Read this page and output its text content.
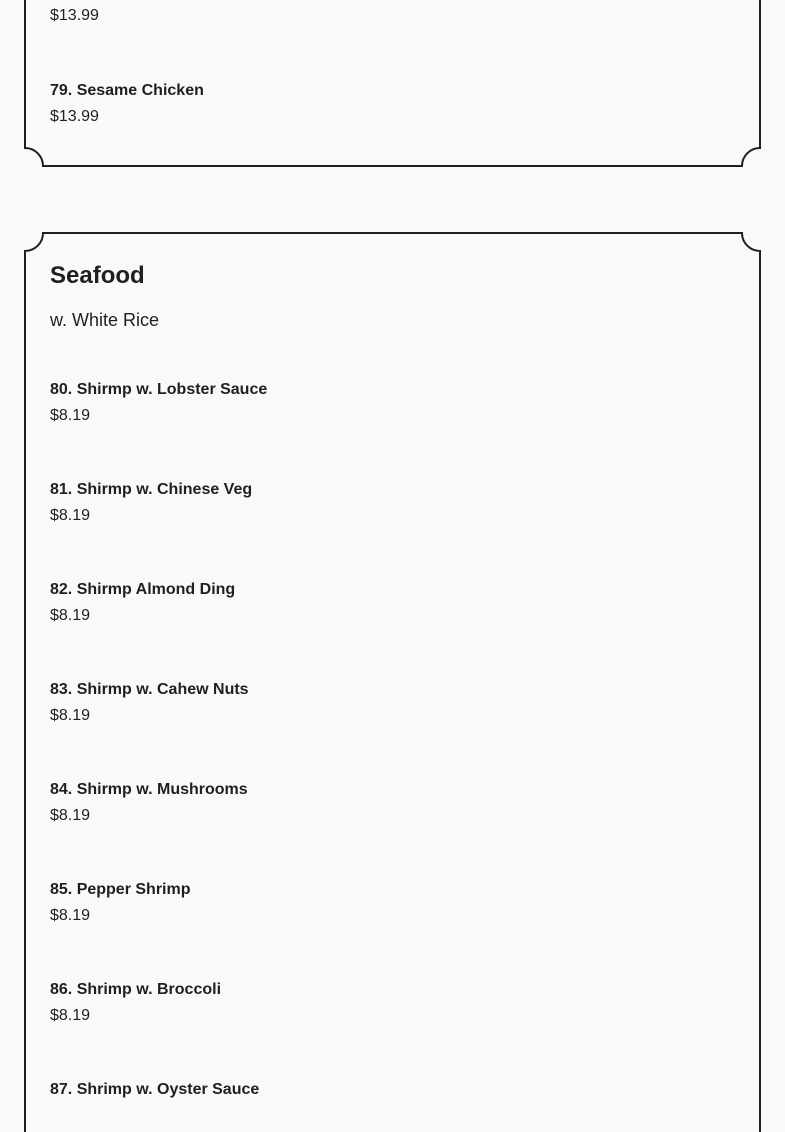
$13.99
79. Sesame Chicken
$13.99
Seafood
w. White Rice
80. Shirmp w. Lobster Sauce
$8.19
81. Shirmp w. Chinese Veg
$8.19
82. Shirmp Almond Ding
$8.19
83. Shirmp w. Cahew Nuts
$8.19
84. Shirmp w. Mushrooms
$8.19
85. Pepper Shrimp
$8.19
86. Shrimp w. Broccoli
$8.19
87. Shrimp w. Oyster Sauce
